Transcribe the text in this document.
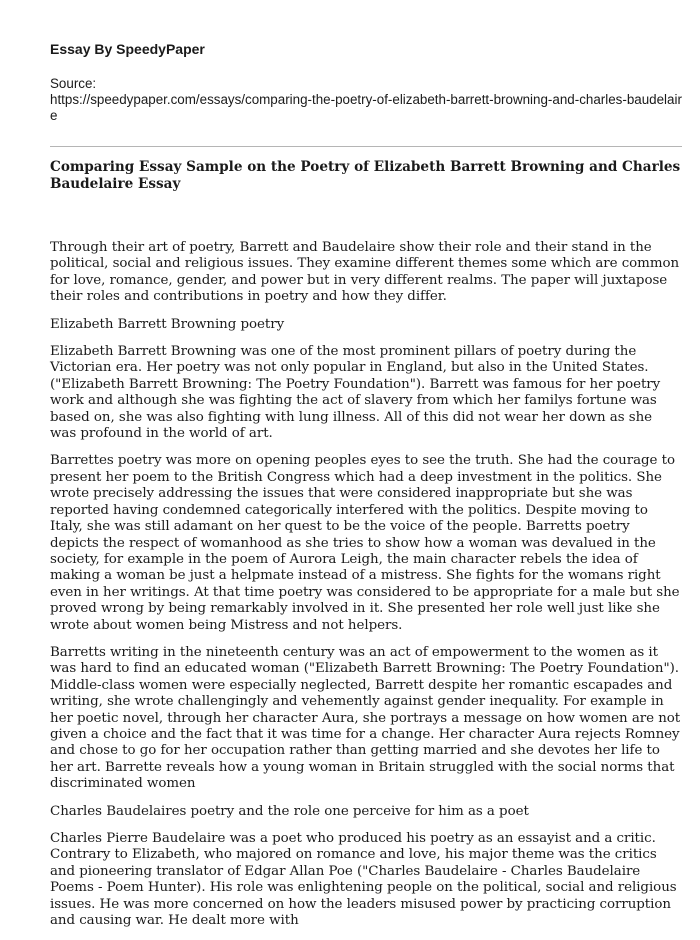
Essay By SpeedyPaper
Source:
https://speedypaper.com/essays/comparing-the-poetry-of-elizabeth-barrett-browning-and-charles-baudelaire
Comparing Essay Sample on the Poetry of Elizabeth Barrett Browning and Charles Baudelaire Essay

Through their art of poetry, Barrett and Baudelaire show their role and their stand in the political, social and religious issues. They examine different themes some which are common for love, romance, gender, and power but in very different realms. The paper will juxtapose their roles and contributions in poetry and how they differ.

Elizabeth Barrett Browning poetry

Elizabeth Barrett Browning was one of the most prominent pillars of poetry during the Victorian era. Her poetry was not only popular in England, but also in the United States. ("Elizabeth Barrett Browning: The Poetry Foundation"). Barrett was famous for her poetry work and although she was fighting the act of slavery from which her familys fortune was based on, she was also fighting with lung illness. All of this did not wear her down as she was profound in the world of art.

Barrettes poetry was more on opening peoples eyes to see the truth. She had the courage to present her poem to the British Congress which had a deep investment in the politics. She wrote precisely addressing the issues that were considered inappropriate but she was reported having condemned categorically interfered with the politics. Despite moving to Italy, she was still adamant on her quest to be the voice of the people. Barretts poetry depicts the respect of womanhood as she tries to show how a woman was devalued in the society, for example in the poem of Aurora Leigh, the main character rebels the idea of making a woman be just a helpmate instead of a mistress. She fights for the womans right even in her writings. At that time poetry was considered to be appropriate for a male but she proved wrong by being remarkably involved in it. She presented her role well just like she wrote about women being Mistress and not helpers.

Barretts writing in the nineteenth century was an act of empowerment to the women as it was hard to find an educated woman ("Elizabeth Barrett Browning: The Poetry Foundation"). Middle-class women were especially neglected, Barrett despite her romantic escapades and writing, she wrote challengingly and vehemently against gender inequality. For example in her poetic novel, through her character Aura, she portrays a message on how women are not given a choice and the fact that it was time for a change. Her character Aura rejects Romney and chose to go for her occupation rather than getting married and she devotes her life to her art. Barrette reveals how a young woman in Britain struggled with the social norms that discriminated women

Charles Baudelaires poetry and the role one perceive for him as a poet

Charles Pierre Baudelaire was a poet who produced his poetry as an essayist and a critic. Contrary to Elizabeth, who majored on romance and love, his major theme was the critics and pioneering translator of Edgar Allan Poe ("Charles Baudelaire - Charles Baudelaire Poems - Poem Hunter). His role was enlightening people on the political, social and religious issues. He was more concerned on how the leaders misused power by practicing corruption and causing war. He dealt more with
